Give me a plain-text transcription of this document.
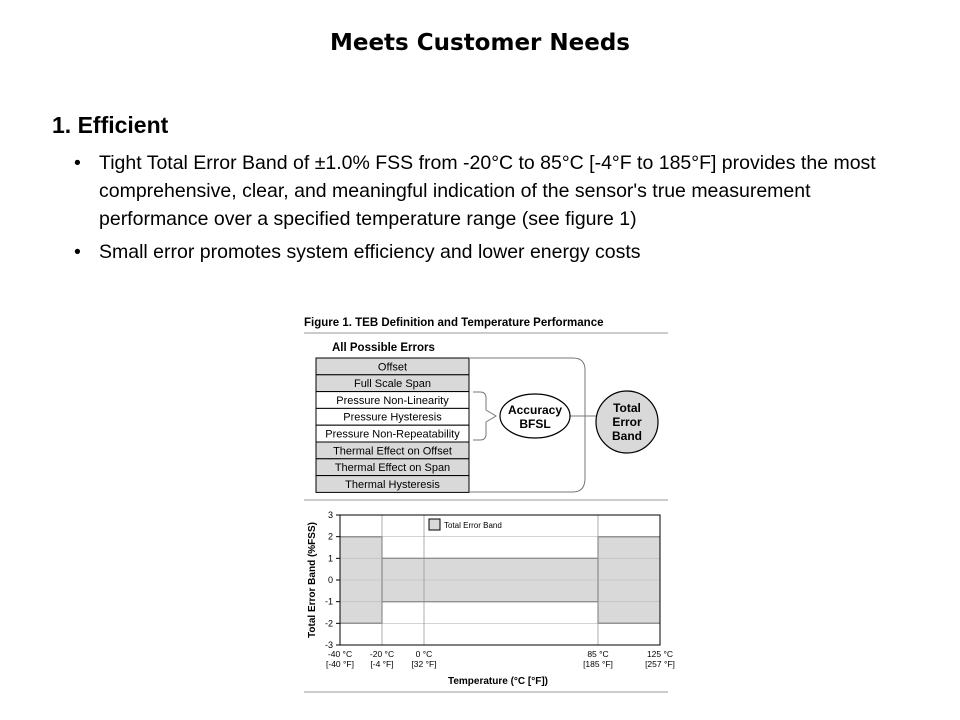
Meets Customer Needs
1. Efficient
• Tight Total Error Band of ±1.0% FSS from -20°C to 85°C [-4°F to 185°F] provides the most comprehensive, clear, and meaningful indication of the sensor's true measurement performance over a specified temperature range (see figure 1)
• Small error promotes system efficiency and lower energy costs
Figure 1. TEB Definition and Temperature Performance
All Possible Errors
Offset
Full Scale Span
Pressure Non-Linearity
Pressure Hysteresis
Pressure Non-Repeatability
Thermal Effect on Offset
Thermal Effect on Span
Thermal Hysteresis
Accuracy
BFSL
Total
Error
Band
3
2
1
0
-1
-2
-3
-40 °C
[-40 °F]
-20 °C
[-4 °F]
0 °C
[32 °F]
85 °C
[185 °F]
125 °C
[257 °F]
Temperature (°C [°F])
Total Error Band (%FSS)	Total Error Band
